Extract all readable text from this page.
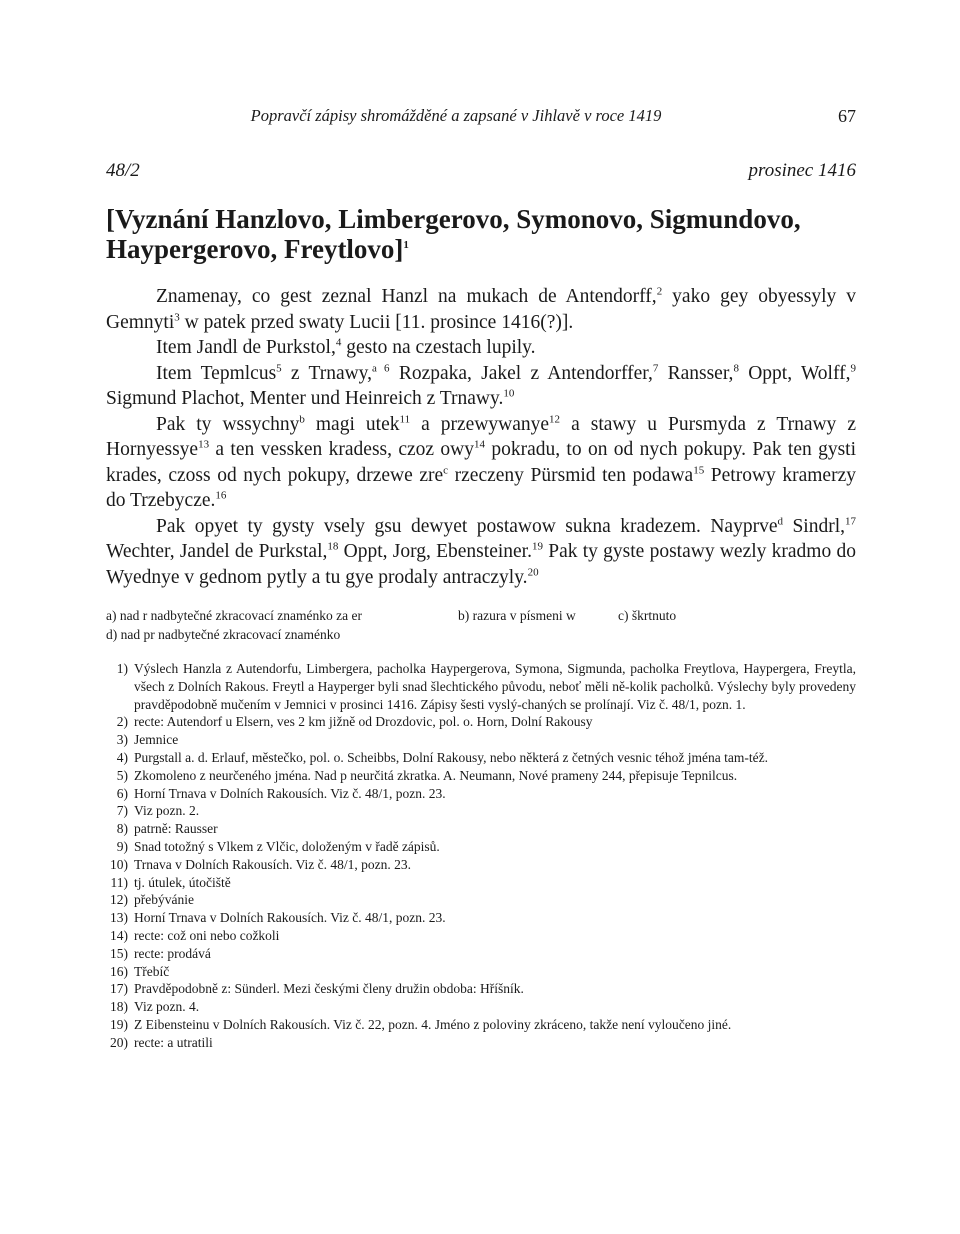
Popravčí zápisy shromážděné a zapsané v Jihlavě v roce 1419	67
48/2	prosinec 1416
[Vyznání Hanzlovo, Limbergerovo, Symonovo, Sigmundovo, Haypergerovo, Freytlovo]$^1$

Znamenay, co gest zeznal Hanzl na mukach de Antendorff,$^2$ yako gey obyessyly v Gemnyti$^3$ w patek przed swaty Lucii [11. prosince 1416(?)].

Item Jandl de Purkstol,$^4$ gesto na czestach lupily.

Item Tepmlcus$^5$ z Trnawy,$^{a 6}$ Rozpaka, Jakel z Antendorffer,$^7$ Ransser,$^8$ Oppt, Wolff,$^9$ Sigmund Plachot, Menter und Heinreich z Trnawy.$^{10}$

Pak ty wssychny$^b$ magi utek$^{11}$ a przewywanye$^{12}$ a stawy u Pursmyda z Trnawy z Hornyessye$^{13}$ a ten vessken kradess, czoz owy$^{14}$ pokradu, to on od nych pokupy. Pak ten gysti krades, czoss od nych pokupy, drzewe zre$^c$ rzeczeny Pürsmid ten podawa$^{15}$ Petrowy kramerzy do Trzebycze.$^{16}$

Pak opyet ty gysty vsely gsu dewyet postawow sukna kradezem. Nayprve$^d$ Sindrl,$^{17}$ Wechter, Jandel de Purkstal,$^{18}$ Oppt, Jorg, Ebensteiner.$^{19}$ Pak ty gyste postawy wezly kradmo do Wyednye v gednom pytly a tu gye prodaly antraczyly.$^{20}$

a) nad r nadbytečné zkracovací znaménko za er	b) razura v písmeni w	c) škrtnuto
d) nad pr nadbytečné zkracovací znaménko
1) Výslech Hanzla z Autendorfu, Limbergera, pacholka Haypergerova, Symona, Sigmunda, pacholka Freytlova, Haypergera, Freytla, všech z Dolních Rakous. Freytl a Hayperger byli snad šlechtického původu, neboť měli ně-kolik pacholků. Výslechy byly provedeny pravděpodobně mučením v Jemnici v prosinci 1416. Zápisy šesti vyslý-chaných se prolínají. Viz č. 48/1, pozn. 1.
2) recte: Autendorf u Elsern, ves 2 km jižně od Drozdovic, pol. o. Horn, Dolní Rakousy
3) Jemnice
4) Purgstall a. d. Erlauf, městečko, pol. o. Scheibbs, Dolní Rakousy, nebo některá z četných vesnic téhož jména tam-též.
5) Zkomoleno z neurčeného jména. Nad p neurčitá zkratka. A. Neumann, Nové prameny 244, přepisuje Tepnilcus.
6) Horní Trnava v Dolních Rakousích. Viz č. 48/1, pozn. 23.
7) Viz pozn. 2.
8) patrně: Rausser
9) Snad totožný s Vlkem z Vlčic, doloženým v řadě zápisů.
10) Trnava v Dolních Rakousích. Viz č. 48/1, pozn. 23.
11) tj. útulek, útočiště
12) přebývánie
13) Horní Trnava v Dolních Rakousích. Viz č. 48/1, pozn. 23.
14) recte: což oni nebo cožkoli
15) recte: prodává
16) Třebíč
17) Pravděpodobně z: Sünderl. Mezi českými členy družin obdoba: Hříšník.
18) Viz pozn. 4.
19) Z Eibensteinu v Dolních Rakousích. Viz č. 22, pozn. 4. Jméno z poloviny zkráceno, takže není vyloučeno jiné.
20) recte: a utratili
